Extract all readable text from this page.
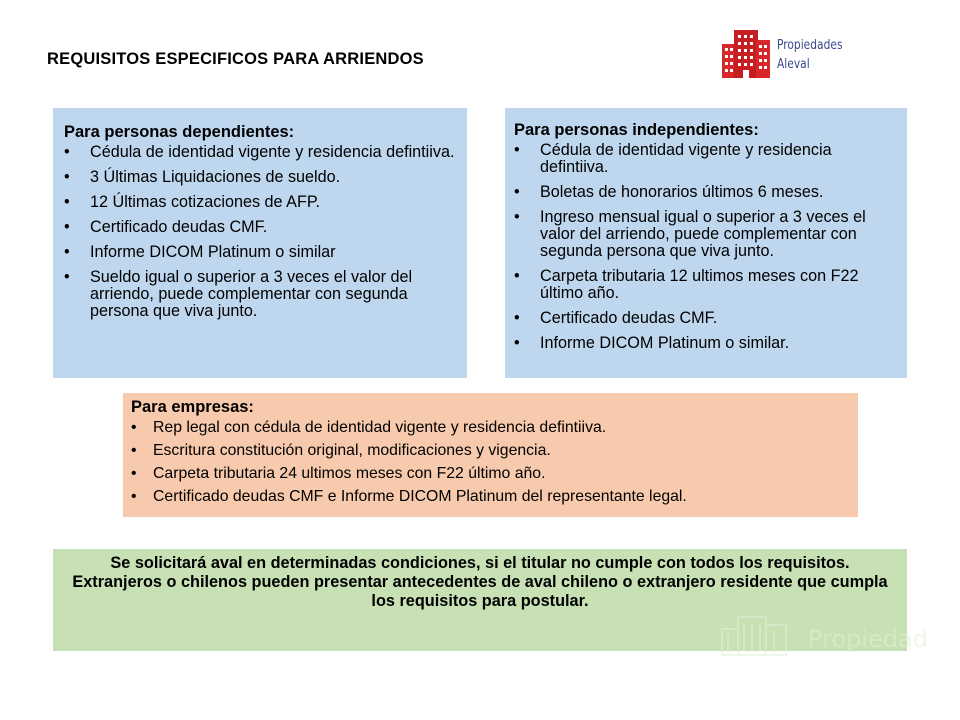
REQUISITOS ESPECIFICOS PARA ARRIENDOS
Propiedades
Aleval
Para personas dependientes:
• Cédula de identidad vigente y residencia defintiiva.
• 3 Últimas Liquidaciones de sueldo.
• 12 Últimas cotizaciones de AFP.
• Certificado deudas CMF.
• Informe DICOM Platinum o similar
• Sueldo igual o superior a 3 veces el valor del arriendo, puede complementar con segunda persona que viva junto.
Para personas independientes:
• Cédula de identidad vigente y residencia defintiiva.
• Boletas de honorarios últimos 6 meses.
• Ingreso mensual igual o superior a 3 veces el valor del arriendo, puede complementar con segunda persona que viva junto.
• Carpeta tributaria 12 ultimos meses con F22 último año.
• Certificado deudas CMF.
• Informe DICOM Platinum o similar.
Para empresas:
• Rep legal con cédula de identidad vigente y residencia defintiiva.
• Escritura constitución original, modificaciones y vigencia.
• Carpeta tributaria 24 ultimos meses con F22 último año.
• Certificado deudas CMF e Informe DICOM Platinum del representante legal.
Se solicitará aval en determinadas condiciones, si el titular no cumple con todos los requisitos. Extranjeros o chilenos pueden presentar antecedentes de aval chileno o extranjero residente que cumpla los requisitos para postular.
Propiedad
